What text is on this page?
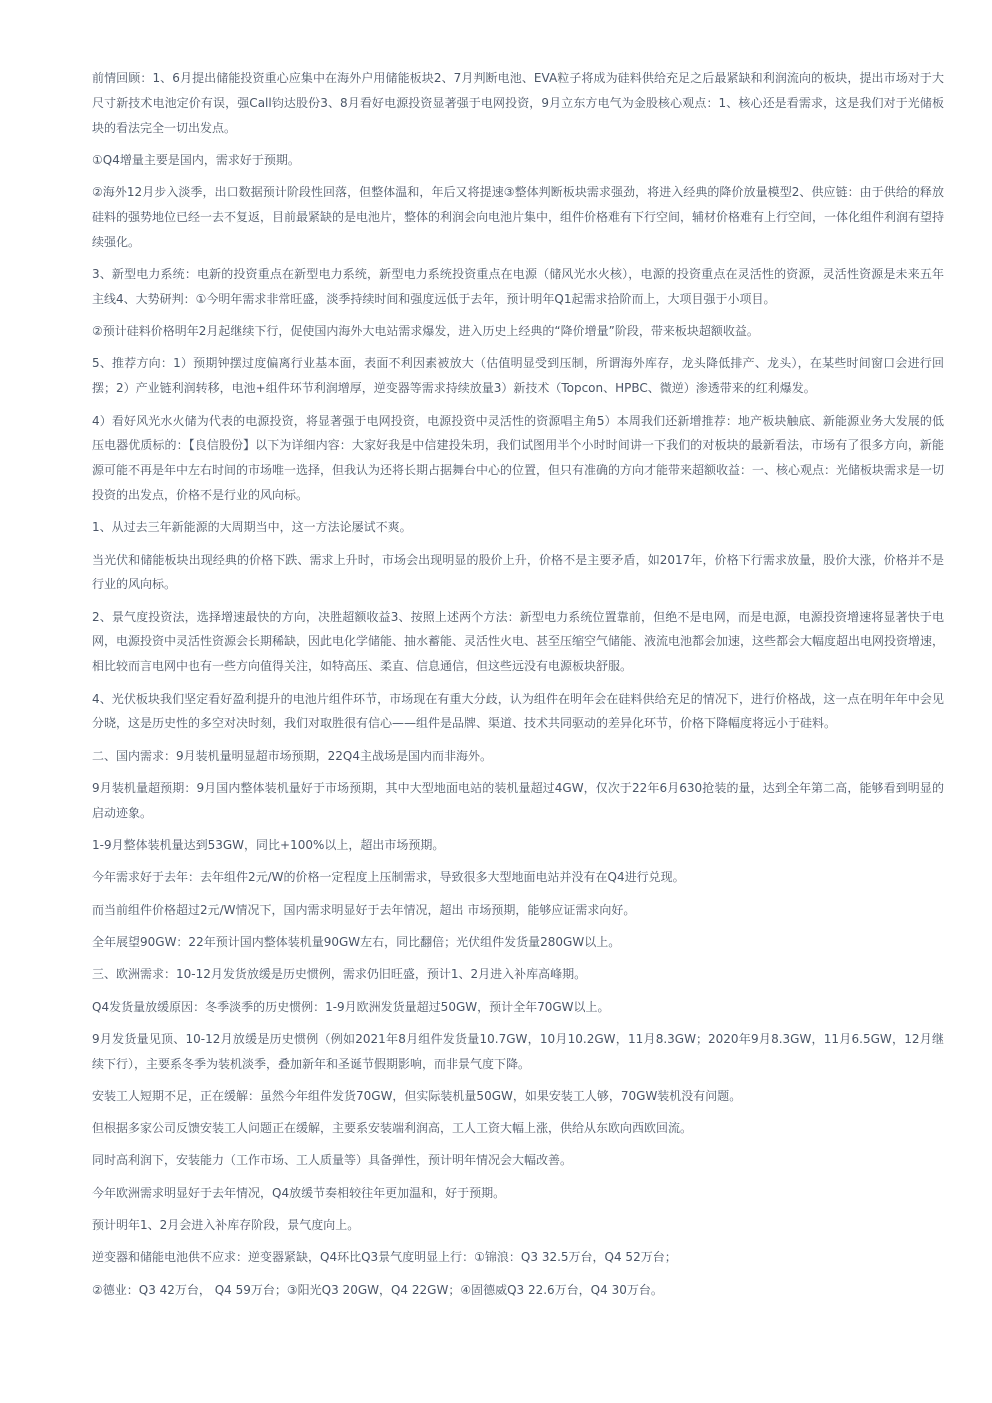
前情回顾：1、6月提出储能投资重心应集中在海外户用储能板块2、7月判断电池、EVA粒子将成为硅料供给充足之后最紧缺和利润流向的板块，提出市场对于大尺寸新技术电池定价有误，强Call钧达股份3、8月看好电源投资显著强于电网投资，9月立东方电气为金股核心观点：1、核心还是看需求，这是我们对于光储板块的看法完全一切出发点。

①Q4增量主要是国内，需求好于预期。

②海外12月步入淡季，出口数据预计阶段性回落，但整体温和，年后又将提速③整体判断板块需求强劲，将进入经典的降价放量模型2、供应链：由于供给的释放硅料的强势地位已经一去不复返，目前最紧缺的是电池片，整体的利润会向电池片集中，组件价格难有下行空间，辅材价格难有上行空间，一体化组件利润有望持续强化。

3、新型电力系统：电新的投资重点在新型电力系统，新型电力系统投资重点在电源（储风光水火核），电源的投资重点在灵活性的资源，灵活性资源是未来五年主线4、大势研判：①今明年需求非常旺盛，淡季持续时间和强度远低于去年，预计明年Q1起需求拾阶而上，大项目强于小项目。

②预计硅料价格明年2月起继续下行，促使国内海外大电站需求爆发，进入历史上经典的“降价增量”阶段，带来板块超额收益。

5、推荐方向：1）预期钟摆过度偏离行业基本面，表面不利因素被放大（估值明显受到压制，所谓海外库存，龙头降低排产、龙头），在某些时间窗口会进行回摆；2）产业链利润转移，电池+组件环节利润增厚，逆变器等需求持续放量3）新技术（Topcon、HPBC、微逆）渗透带来的红利爆发。

4）看好风光水火储为代表的电源投资，将显著强于电网投资，电源投资中灵活性的资源唱主角5）本周我们还新增推荐：地产板块触底、新能源业务大发展的低压电器优质标的：【良信股份】以下为详细内容：大家好我是中信建投朱玥，我们试图用半个小时时间讲一下我们的对板块的最新看法，市场有了很多方向，新能源可能不再是年中左右时间的市场唯一选择，但我认为还将长期占据舞台中心的位置，但只有准确的方向才能带来超额收益：一、核心观点：光储板块需求是一切投资的出发点，价格不是行业的风向标。

1、从过去三年新能源的大周期当中，这一方法论屡试不爽。

当光伏和储能板块出现经典的价格下跌、需求上升时，市场会出现明显的股价上升，价格不是主要矛盾，如2017年，价格下行需求放量，股价大涨，价格并不是行业的风向标。

2、景气度投资法，选择增速最快的方向，决胜超额收益3、按照上述两个方法：新型电力系统位置靠前，但绝不是电网，而是电源，电源投资增速将显著快于电 网，电源投资中灵活性资源会长期稀缺，因此电化学储能、抽水蓄能、灵活性火电、甚至压缩空气储能、液流电池都会加速，这些都会大幅度超出电网投资增速，相比较而言电网中也有一些方向值得关注，如特高压、柔直、信息通信，但这些远没有电源板块舒服。

4、光伏板块我们坚定看好盈利提升的电池片组件环节，市场现在有重大分歧，认为组件在明年会在硅料供给充足的情况下，进行价格战，这一点在明年年中会见分晓，这是历史性的多空对决时刻，我们对取胜很有信心——组件是品牌、渠道、技术共同驱动的差异化环节，价格下降幅度将远小于硅料。

二、国内需求：9月装机量明显超市场预期，22Q4主战场是国内而非海外。

9月装机量超预期：9月国内整体装机量好于市场预期，其中大型地面电站的装机量超过4GW，仅次于22年6月630抢装的量，达到全年第二高，能够看到明显的启动迹象。

1-9月整体装机量达到53GW，同比+100%以上，超出市场预期。

今年需求好于去年：去年组件2元/W的价格一定程度上压制需求，导致很多大型地面电站并没有在Q4进行兑现。

而当前组件价格超过2元/W情况下，国内需求明显好于去年情况，超出 市场预期，能够应证需求向好。

全年展望90GW：22年预计国内整体装机量90GW左右，同比翻倍；光伏组件发货量280GW以上。

三、欧洲需求：10-12月发货放缓是历史惯例，需求仍旧旺盛，预计1、2月进入补库高峰期。

Q4发货量放缓原因：冬季淡季的历史惯例：1-9月欧洲发货量超过50GW，预计全年70GW以上。

9月发货量见顶、10-12月放缓是历史惯例（例如2021年8月组件发货量10.7GW，10月10.2GW，11月8.3GW；2020年9月8.3GW，11月6.5GW，12月继续下行），主要系冬季为装机淡季，叠加新年和圣诞节假期影响，而非景气度下降。

安装工人短期不足，正在缓解：虽然今年组件发货70GW，但实际装机量50GW，如果安装工人够，70GW装机没有问题。

但根据多家公司反馈安装工人问题正在缓解，主要系安装端利润高，工人工资大幅上涨，供给从东欧向西欧回流。

同时高利润下，安装能力（工作市场、工人质量等）具备弹性，预计明年情况会大幅改善。

今年欧洲需求明显好于去年情况，Q4放缓节奏相较往年更加温和，好于预期。

预计明年1、2月会进入补库存阶段，景气度向上。

逆变器和储能电池供不应求：逆变器紧缺，Q4环比Q3景气度明显上行：①锦浪：Q3 32.5万台，Q4 52万台；

②德业：Q3 42万台， Q4 59万台；③阳光Q3 20GW，Q4 22GW；④固德威Q3 22.6万台，Q4 30万台。
